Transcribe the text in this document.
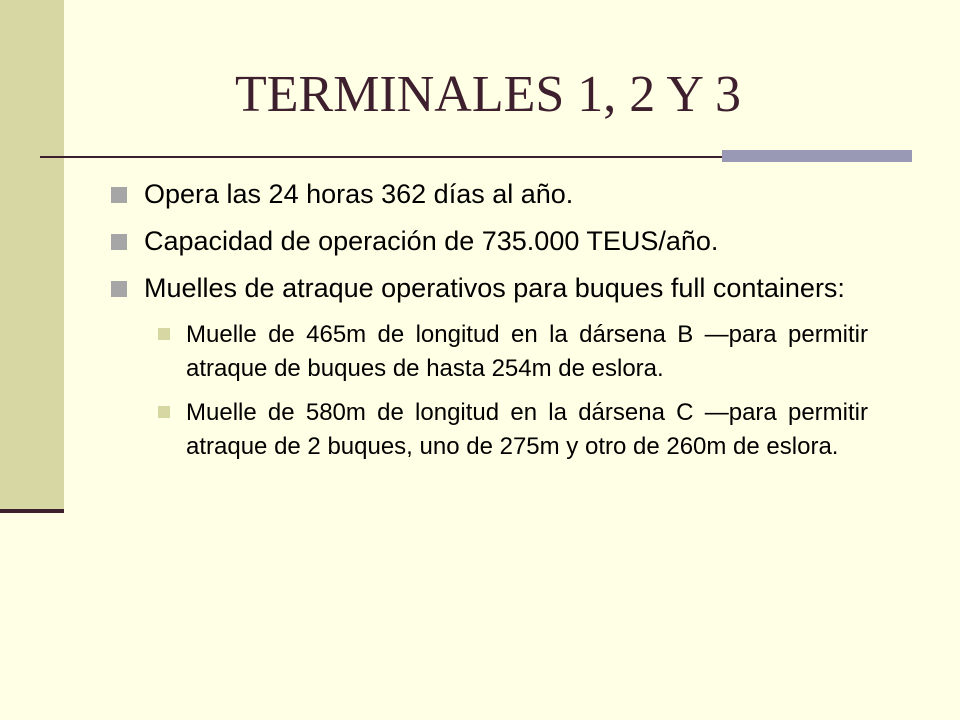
TERMINALES 1, 2 Y 3
Opera las 24 horas 362 días al año.
Capacidad de operación de 735.000 TEUS/año.
Muelles de atraque operativos para buques full containers:
Muelle de 465m de longitud en la dársena B —para permitir atraque de buques de hasta 254m de eslora.
Muelle de 580m de longitud en la dársena C —para permitir atraque de 2 buques, uno de 275m y otro de 260m de eslora.
